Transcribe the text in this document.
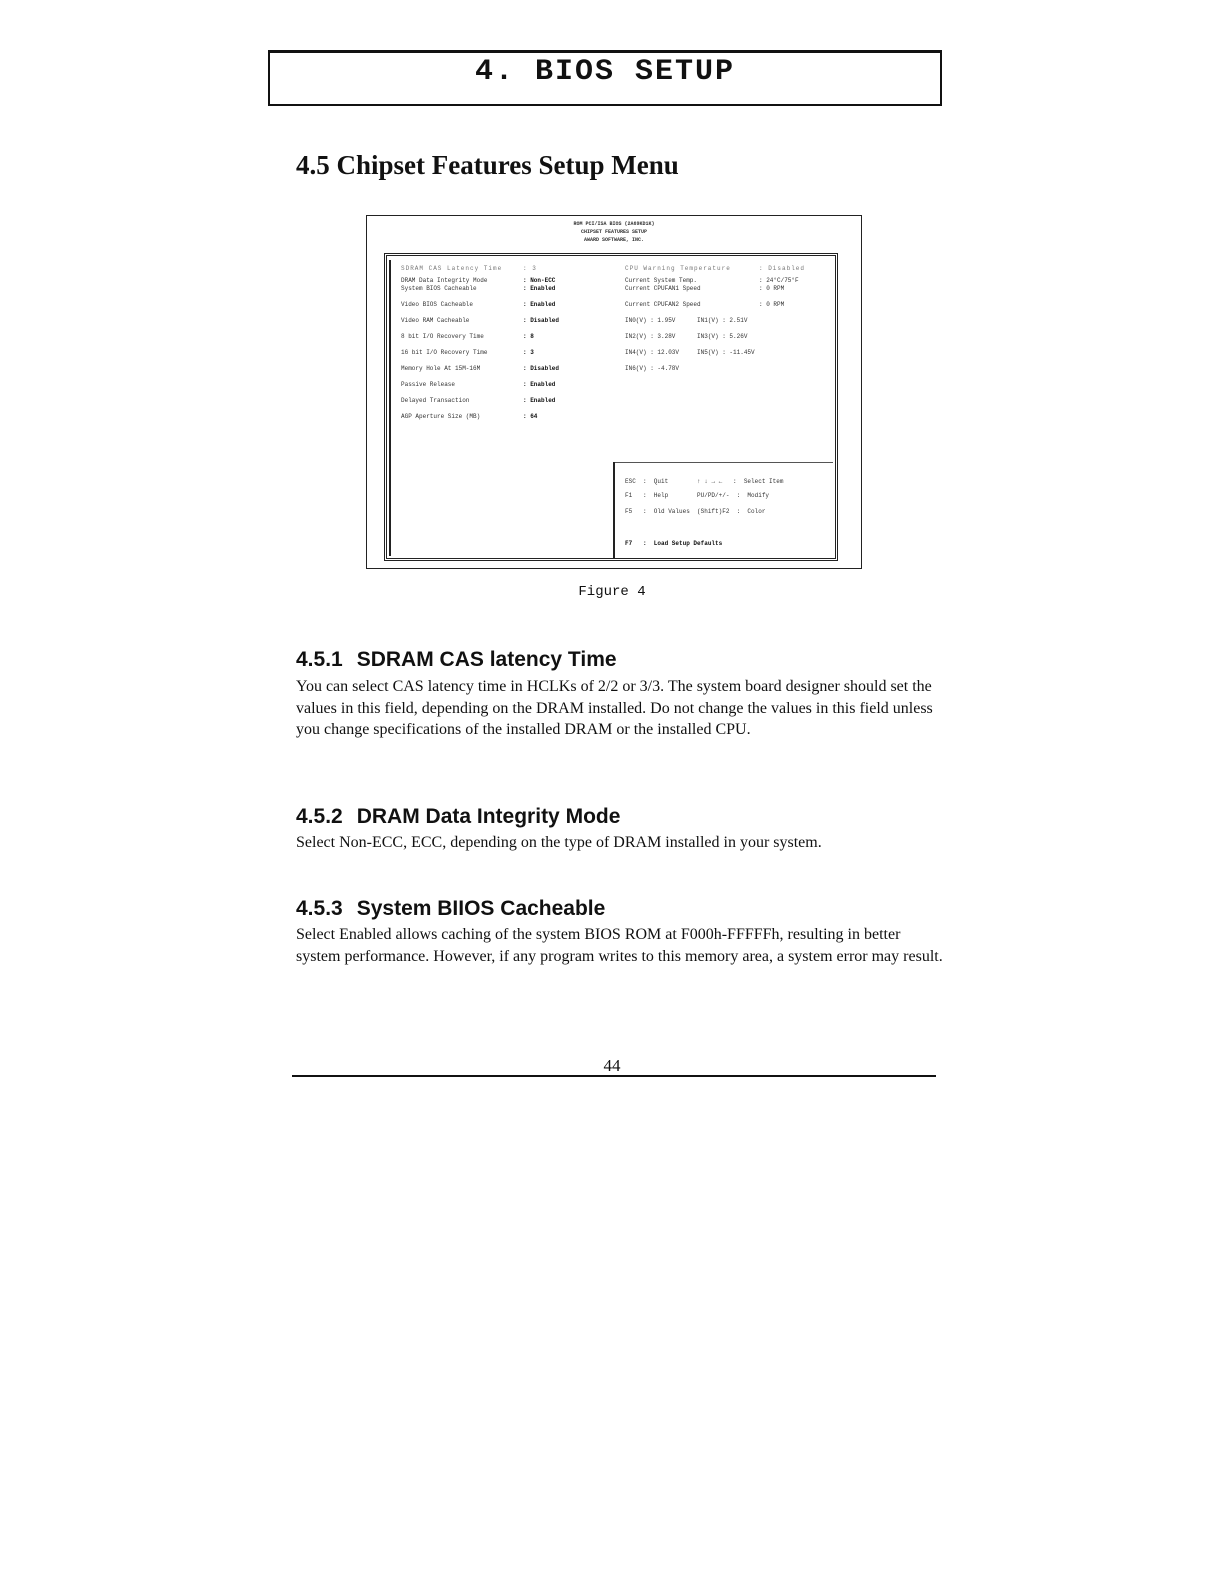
4. BIOS SETUP
4.5 Chipset Features Setup Menu
ROM PCI/ISA BIOS (2A69KD1K)
CHIPSET FEATURES SETUP
AWARD SOFTWARE, INC.
SDRAM CAS Latency Time	: 3
DRAM Data Integrity Mode	: Non-ECC
System BIOS Cacheable	: Enabled
Video BIOS Cacheable	: Enabled
Video RAM Cacheable	: Disabled
8 bit I/O Recovery Time	: 8
16 bit I/O Recovery Time	: 3
Memory Hole At 15M-16M	: Disabled
Passive Release	: Enabled
Delayed Transaction	: Enabled
AGP Aperture Size (MB)	: 64
CPU Warning Temperature	: Disabled
Current System Temp.	: 24°C/75°F
Current CPUFAN1 Speed	: 0 RPM
Current CPUFAN2 Speed	: 0 RPM
IN0(V) : 1.95V      IN1(V) : 2.51V
IN2(V) : 3.28V      IN3(V) : 5.26V
IN4(V) : 12.03V     IN5(V) : -11.45V
IN6(V) : -4.78V
ESC  :  Quit        ↑ ↓ → ←   :  Select Item
F1   :  Help        PU/PD/+/-  :  Modify
F5   :  Old Values  (Shift)F2  :  Color
F7   :  Load Setup Defaults
Figure 4
4.5.1 SDRAM CAS latency Time

You can select CAS latency time in HCLKs of 2/2 or 3/3. The system board designer should set the values in this field, depending on the DRAM installed. Do not change the values in this field unless you change specifications of the installed DRAM or the installed CPU.

4.5.2 DRAM Data Integrity Mode

Select Non-ECC, ECC, depending on the type of DRAM installed in your system.

4.5.3 System BIIOS Cacheable

Select Enabled allows caching of the system BIOS ROM at F000h-FFFFFh, resulting in better system performance. However, if any program writes to this memory area, a system error may result.

44
